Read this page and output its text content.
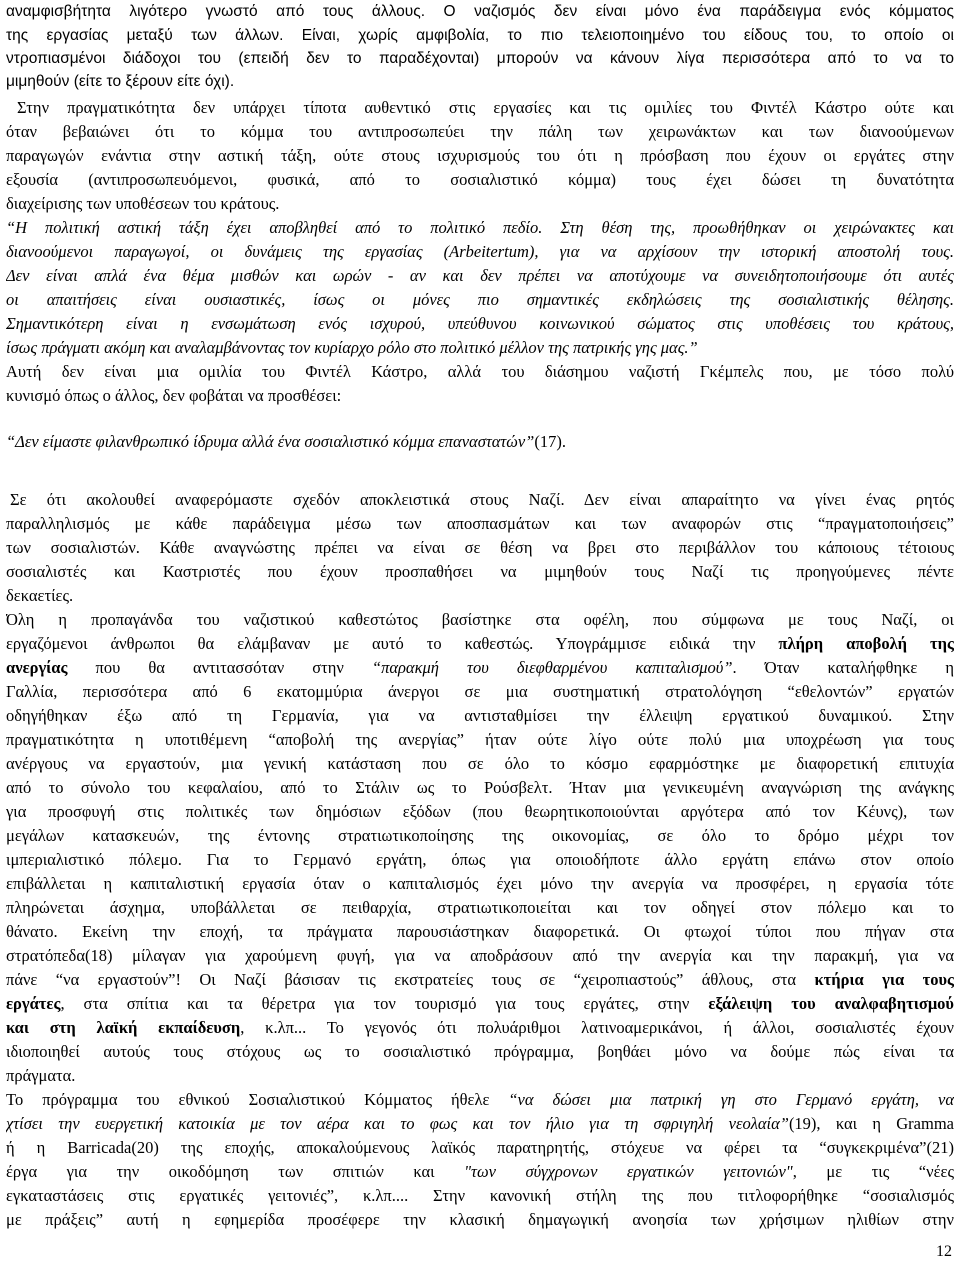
αναμφισβήτητα λιγότερο γνωστό από τους άλλους. Ο ναζισμός δεν είναι μόνο ένα παράδειγμα ενός κόμματος
της εργασίας μεταξύ των άλλων. Είναι, χωρίς αμφιβολία, το πιο τελειοποιημένο του είδους του, το οποίο οι
ντροπιασμένοι διάδοχοι του (επειδή δεν το παραδέχονται) μπορούν να κάνουν λίγα περισσότερα από το να το
μιμηθούν (είτε το ξέρουν είτε όχι).
Στην πραγματικότητα δεν υπάρχει τίποτα αυθεντικό στις εργασίες και τις ομιλίες του Φιντέλ Κάστρο ούτε και
όταν βεβαιώνει ότι το κόμμα του αντιπροσωπεύει την πάλη των χειρωνάκτων και των διανοούμενων
παραγωγών ενάντια στην αστική τάξη, ούτε στους ισχυρισμούς του ότι η πρόσβαση που έχουν οι εργάτες στην
εξουσία (αντιπροσωπευόμενοι, φυσικά, από το σοσιαλιστικό κόμμα) τους έχει δώσει τη δυνατότητα
διαχείρισης των υποθέσεων του κράτους.
“Η πολιτική αστική τάξη έχει αποβληθεί από το πολιτικό πεδίο. Στη θέση της, προωθήθηκαν οι χειρώνακτες και
διανοούμενοι παραγωγοί, οι δυνάμεις της εργασίας (Arbeitertum), για να αρχίσουν την ιστορική αποστολή τους.
Δεν είναι απλά ένα θέμα μισθών και ωρών - αν και δεν πρέπει να αποτύχουμε να συνειδητοποιήσουμε ότι αυτές
οι απαιτήσεις είναι ουσιαστικές, ίσως οι μόνες πιο σημαντικές εκδηλώσεις της σοσιαλιστικής θέλησης.
Σημαντικότερη είναι η ενσωμάτωση ενός ισχυρού, υπεύθυνου κοινωνικού σώματος στις υποθέσεις του κράτους,
ίσως πράγματι ακόμη και αναλαμβάνοντας τον κυρίαρχο ρόλο στο πολιτικό μέλλον της πατρικής γης μας.”
Αυτή δεν είναι μια ομιλία του Φιντέλ Κάστρο, αλλά του διάσημου ναζιστή Γκέμπελς που, με τόσο πολύ
κυνισμό όπως ο άλλος, δεν φοβάται να προσθέσει:
“Δεν είμαστε φιλανθρωπικό ίδρυμα αλλά ένα σοσιαλιστικό κόμμα επαναστατών”(17).
Σε ότι ακολουθεί αναφερόμαστε σχεδόν αποκλειστικά στους Ναζί. Δεν είναι απαραίτητο να γίνει ένας ρητός
παραλληλισμός με κάθε παράδειγμα μέσω των αποσπασμάτων και των αναφορών στις “πραγματοποιήσεις”
των σοσιαλιστών. Κάθε αναγνώστης πρέπει να είναι σε θέση να βρει στο περιβάλλον του κάποιους τέτοιους
σοσιαλιστές και Καστριστές που έχουν προσπαθήσει να μιμηθούν τους Ναζί τις προηγούμενες πέντε
δεκαετίες.
Όλη η προπαγάνδα του ναζιστικού καθεστώτος βασίστηκε στα οφέλη, που σύμφωνα με τους Ναζί, οι
εργαζόμενοι άνθρωποι θα ελάμβαναν με αυτό το καθεστώς. Υπογράμμισε ειδικά την πλήρη αποβολή της
ανεργίας που θα αντιτασσόταν στην “παρακμή του διεφθαρμένου καπιταλισμού”. Όταν καταλήφθηκε η
Γαλλία, περισσότερα από 6 εκατομμύρια άνεργοι σε μια συστηματική στρατολόγηση “εθελοντών” εργατών
οδηγήθηκαν έξω από τη Γερμανία, για να αντισταθμίσει την έλλειψη εργατικού δυναμικού. Στην
πραγματικότητα η υποτιθέμενη “αποβολή της ανεργίας” ήταν ούτε λίγο ούτε πολύ μια υποχρέωση για τους
ανέργους να εργαστούν, μια γενική κατάσταση που σε όλο το κόσμο εφαρμόστηκε με διαφορετική επιτυχία
από το σύνολο του κεφαλαίου, από το Στάλιν ως το Ρούσβελτ. Ήταν μια γενικευμένη αναγνώριση της ανάγκης
για προσφυγή στις πολιτικές των δημόσιων εξόδων (που θεωρητικοποιούνται αργότερα από τον Κέυνς), των
μεγάλων κατασκευών, της έντονης στρατιωτικοποίησης της οικονομίας, σε όλο το δρόμο μέχρι τον
ιμπεριαλιστικό πόλεμο. Για το Γερμανό εργάτη, όπως για οποιοδήποτε άλλο εργάτη επάνω στον οποίο
επιβάλλεται η καπιταλιστική εργασία όταν ο καπιταλισμός έχει μόνο την ανεργία να προσφέρει, η εργασία τότε
πληρώνεται άσχημα, υποβάλλεται σε πειθαρχία, στρατιωτικοποιείται και τον οδηγεί στον πόλεμο και το
θάνατο. Εκείνη την εποχή, τα πράγματα παρουσιάστηκαν διαφορετικά. Οι φτωχοί τύποι που πήγαν στα
στρατόπεδα(18) μίλαγαν για χαρούμενη φυγή, για να αποδράσουν από την ανεργία και την παρακμή, για να
πάνε “να εργαστούν”! Οι Ναζί βάσισαν τις εκστρατείες τους σε “χειροπιαστούς” άθλους, στα κτήρια για τους
εργάτες, στα σπίτια και τα θέρετρα για τον τουρισμό για τους εργάτες, στην εξάλειψη του αναλφαβητισμού
και στη λαϊκή εκπαίδευση, κ.λπ... Το γεγονός ότι πολυάριθμοι λατινοαμερικάνοι, ή άλλοι, σοσιαλιστές έχουν
ιδιοποιηθεί αυτούς τους στόχους ως το σοσιαλιστικό πρόγραμμα, βοηθάει μόνο να δούμε πώς είναι τα
πράγματα.
Το πρόγραμμα του εθνικού Σοσιαλιστικού Κόμματος ήθελε “να δώσει μια πατρική γη στο Γερμανό εργάτη, να
χτίσει την ευεργετική κατοικία με τον αέρα και το φως και τον ήλιο για τη σφριγηλή νεολαία”(19), και η Gramma
ή η Barricada(20) της εποχής, αποκαλούμενους λαϊκός παρατηρητής, στόχευε να φέρει τα “συγκεκριμένα”(21)
έργα για την οικοδόμηση των σπιτιών και "των σύγχρονων εργατικών γειτονιών", με τις “νέες
εγκαταστάσεις στις εργατικές γειτονιές”, κ.λπ.... Στην κανονική στήλη της που τιτλοφορήθηκε “σοσιαλισμός
με πράξεις” αυτή η εφημερίδα προσέφερε την κλασική δημαγωγική ανοησία των χρήσιμων ηλιθίων στην
12
